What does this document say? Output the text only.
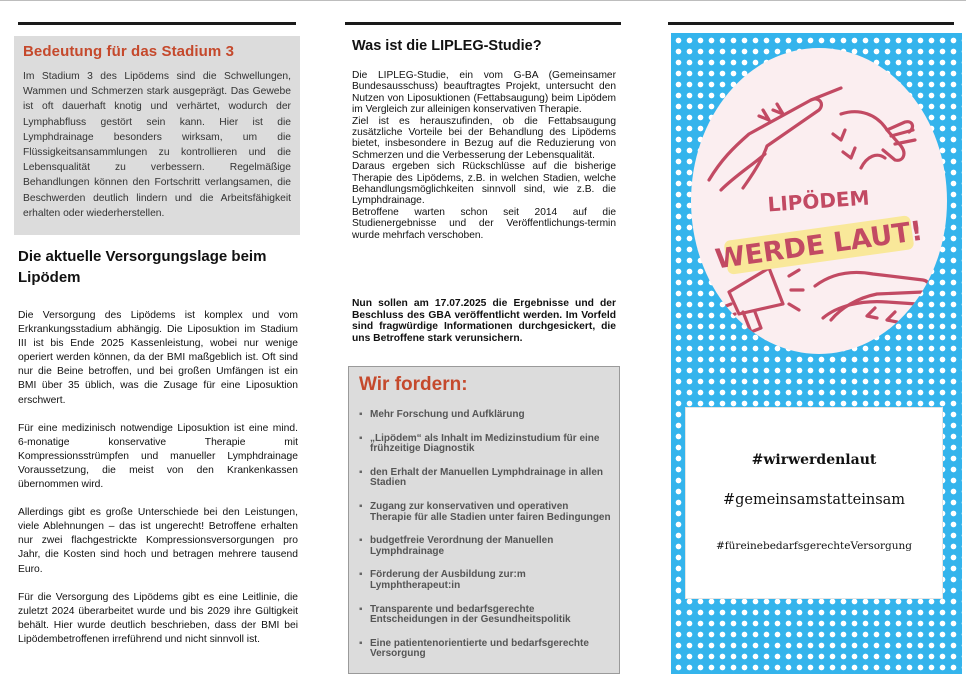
Bedeutung für das Stadium 3
Im Stadium 3 des Lipödems sind die Schwellungen, Wammen und Schmerzen stark ausgeprägt. Das Gewebe ist oft dauerhaft knotig und verhärtet, wodurch der Lymphabfluss gestört sein kann. Hier ist die Lymphdrainage besonders wirksam, um die Flüssigkeitsansammlungen zu kontrollieren und die Lebensqualität zu verbessern. Regelmäßige Behandlungen können den Fortschritt verlangsamen, die Beschwerden deutlich lindern und die Arbeitsfähigkeit erhalten oder wiederherstellen.
Die aktuelle Versorgungslage beim Lipödem

Die Versorgung des Lipödems ist komplex und vom Erkrankungsstadium abhängig. Die Liposuktion im Stadium III ist bis Ende 2025 Kassenleistung, wobei nur wenige operiert werden können, da der BMI maßgeblich ist. Oft sind nur die Beine betroffen, und bei großen Umfängen ist ein BMI über 35 üblich, was die Zusage für eine Liposuktion erschwert.

Für eine medizinisch notwendige Liposuktion ist eine mind. 6-monatige konservative Therapie mit Kompressionsstrümpfen und manueller Lymphdrainage Voraussetzung, die meist von den Krankenkassen übernommen wird.

Allerdings gibt es große Unterschiede bei den Leistungen, viele Ablehnungen – das ist ungerecht! Betroffene erhalten nur zwei flachgestrickte Kompressionsversorgungen pro Jahr, die Kosten sind hoch und betragen mehrere tausend Euro.

Für die Versorgung des Lipödems gibt es eine Leitlinie, die zuletzt 2024 überarbeitet wurde und bis 2029 ihre Gültigkeit behält. Hier wurde deutlich beschrieben, dass der BMI bei Lipödembetroffenen irreführend und nicht sinnvoll ist.

Was ist die LIPLEG-Studie?

Die LIPLEG-Studie, ein vom G-BA (Gemeinsamer Bundesausschuss) beauftragtes Projekt, untersucht den Nutzen von Liposuktionen (Fettabsaugung) beim Lipödem im Vergleich zur alleinigen konservativen Therapie.

Ziel ist es herauszufinden, ob die Fettabsaugung zusätzliche Vorteile bei der Behandlung des Lipödems bietet, insbesondere in Bezug auf die Reduzierung von Schmerzen und die Verbesserung der Lebensqualität.

Daraus ergeben sich Rückschlüsse auf die bisherige Therapie des Lipödems, z.B. in welchen Stadien, welche Behandlungsmöglichkeiten sinnvoll sind, wie z.B. die Lymphdrainage.

Betroffene warten schon seit 2014 auf die Studienergebnisse und der Veröffentlichungs-termin wurde mehrfach verschoben.

Nun sollen am 17.07.2025 die Ergebnisse und der Beschluss des GBA veröffentlicht werden. Im Vorfeld sind fragwürdige Informationen durchgesickert, die uns Betroffene stark verunsichern.
Wir fordern:
▪ Mehr Forschung und Aufklärung
▪ „Lipödem“ als Inhalt im Medizinstudium für eine frühzeitige Diagnostik
▪ den Erhalt der Manuellen Lymphdrainage in allen Stadien
▪ Zugang zur konservativen und operativen Therapie für alle Stadien unter fairen Bedingungen
▪ budgetfreie Verordnung der Manuellen Lymphdrainage
▪ Förderung der Ausbildung zur:m Lymphtherapeut:in
▪ Transparente und bedarfsgerechte Entscheidungen in der Gesundheitspolitik
▪ Eine patientenorientierte und bedarfsgerechte Versorgung
LIPÖDEM
WERDE LAUT!
#wirwerdenlaut
#gemeinsamstatteinsam
#füreinebedarfsgerechteVersorgung
